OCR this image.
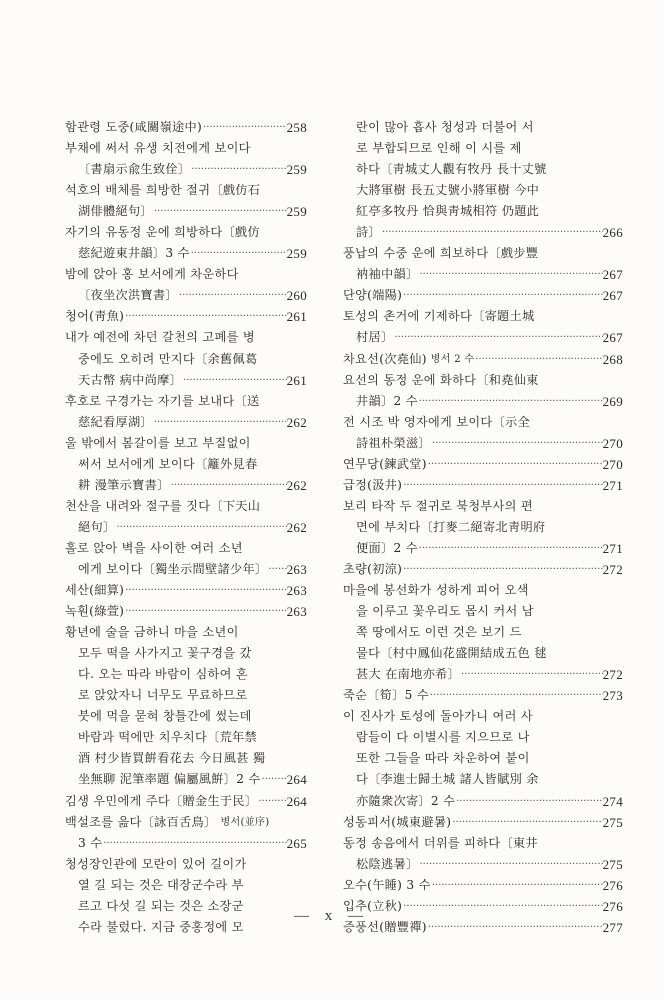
함관령 도중(咸關嶺途中) ·····	258
부채에 써서 유생 치전에게 보이다
〔書扇示兪生致佺〕 ·····	259
석호의 배체를 희방한 절귀〔戲仿石
湖俳體絕句〕 ·····	259
자기의 유동정 운에 희방하다〔戲仿
慈紀遊東井韻〕3 수 ·····	259
밤에 앉아 홍 보서에게 차운하다
〔夜坐次洪寶書〕 ·····	260
청어(靑魚) ·····	261
내가 예전에 차던 갈천의 고폐를 병
중에도 오히려 만지다〔余舊佩葛
天古幣 病中尚摩〕 ·····	261
후호로 구경가는 자기를 보내다〔送
慈紀看厚湖〕 ·····	262
울 밖에서 봄갈이를 보고 부질없이
써서 보서에게 보이다〔籬外見春
耕 漫筆示寶書〕 ·····	262
천산을 내려와 절구를 짓다〔下天山
絕句〕 ·····	262
홀로 앉아 벽을 사이한 여러 소년
에게 보이다〔獨坐示間壁諸少年〕 ····· 263
세산(細算) ·····	263
녹훤(綠萱) ·····	263
황년에 술을 금하니 마을 소년이
모두 떡을 사가지고 꽃구경을 갔
다. 오는 따라 바람이 심하여 혼
로 앉았자니 너무도 무료하므로
붓에 먹을 묻혀 창틀간에 썼는데
바람과 떡에만 치우치다〔荒年禁
酒 村少皆買餠看花去 今日風甚 獨
坐無聊 泥筆率題 偏屬風餠〕2 수 ····· 264
김생 우민에게 주다〔贈金生于民〕 ····· 264
백설조를 읊다〔詠百舌鳥〕 병서(並序)
3 수 ·····	265
청성장인관에 모란이 있어 길이가
열 길 되는 것은 대장군수라 부
르고 다섯 길 되는 것은 소장군
수라 불렀다. 지금 중홍정에 모
란이 많아 흡사 청성과 더불어 서
로 부합되므로 인해 이 시를 제
하다〔靑城丈人觀有牧丹 長十丈號
大將軍樹 長五丈號小將軍樹 今中
紅亭多牧丹 恰與靑城相符 仍題此
詩〕 ·····	266
풍납의 수중 운에 희보하다〔戲步豐
衲袖中韻〕 ·····	267
단양(端陽) ·····	267
토성의 촌거에 기제하다〔寄題土城
村居〕 ·····	267
차요선(次堯仙) 병서 2 수 ·····	268
요선의 동정 운에 화하다〔和堯仙東
井韻〕2 수 ·····	269
전 시조 박 영자에게 보이다〔示全
詩祖朴榮滋〕 ·····	270
연무당(鍊武堂) ·····	270
급정(汲井) ·····	271
보리 타작 두 절귀로 북청부사의 편
면에 부치다〔打麥二絕寄北靑明府
便面〕2 수 ·····	271
초량(初涼) ·····	272
마을에 봉선화가 성하게 피어 오색
을 이루고 꽃우리도 몹시 커서 남
쪽 땅에서도 이런 것은 보기 드
물다〔村中鳳仙花盛開結成五色 毬
甚大 在南地亦希〕 ·····	272
죽순〔筍〕5 수 ·····	273
이 진사가 토성에 돌아가니 여러 사
람들이 다 이별시를 지으므로 나
또한 그들을 따라 차운하여 붙이
다〔李進士歸土城 諸人皆賦別 余
亦隨衆次寄〕2 수 ·····	274
성동피서(城東避暑) ·····	275
동정 송음에서 더위를 피하다〔東井
松陰逃暑〕 ·····	275
오수(午睡) 3 수 ·····	276
입추(立秋) ·····	276
증풍선(贈豐禪) ·····	277
— x —
